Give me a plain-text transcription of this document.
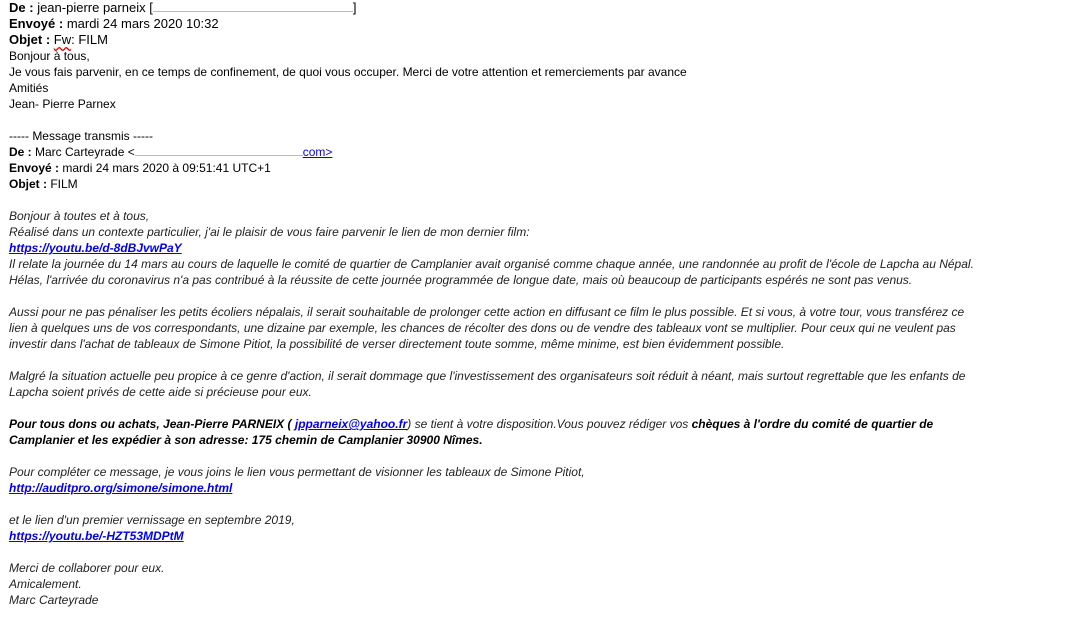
De : jean-pierre parneix [	]
Envoyé : mardi 24 mars 2020 10:32
Objet : Fw: FILM
Bonjour à tous,
Je vous fais parvenir, en ce temps de confinement, de quoi vous occuper. Merci de votre attention et remerciements par avance
Amitiés
Jean- Pierre Parnex
----- Message transmis -----
De : Marc Carteyrade <	com>
Envoyé : mardi 24 mars 2020 à 09:51:41 UTC+1
Objet : FILM
Bonjour à toutes et à tous,
Réalisé dans un contexte particulier, j'ai le plaisir de vous faire parvenir le lien de mon dernier film:
https://youtu.be/d-8dBJvwPaY
Il relate la journée du 14 mars au cours de laquelle le comité de quartier de Camplanier avait organisé comme chaque année, une randonnée au profit de l'école de Lapcha au Népal.
Hélas, l'arrivée du coronavirus n'a pas contribué à la réussite de cette journée programmée de longue date, mais où beaucoup de participants espérés ne sont pas venus.
Aussi pour ne pas pénaliser les petits écoliers népalais, il serait souhaitable de prolonger cette action en diffusant ce film le plus possible. Et si vous, à votre tour, vous transférez ce
lien à quelques uns de vos correspondants, une dizaine par exemple, les chances de récolter des dons ou de vendre des tableaux vont se multiplier. Pour ceux qui ne veulent pas
investir dans l'achat de tableaux de Simone Pitiot, la possibilité de verser directement toute somme, même minime, est bien évidemment possible.
Malgré la situation actuelle peu propice à ce genre d'action, il serait dommage que l'investissement des organisateurs soit réduit à néant, mais surtout regrettable que les enfants de
Lapcha soient privés de cette aide si précieuse pour eux.
Pour tous dons ou achats, Jean-Pierre PARNEIX ( jpparneix@yahoo.fr) se tient à votre disposition.Vous pouvez rédiger vos chèques à l'ordre du comité de quartier de
Camplanier et les expédier à son adresse: 175 chemin de Camplanier 30900 Nîmes.
Pour compléter ce message, je vous joins le lien vous permettant de visionner les tableaux de Simone Pitiot,
http://auditpro.org/simone/simone.html
et le lien d'un premier vernissage en septembre 2019,
https://youtu.be/-HZT53MDPtM
Merci de collaborer pour eux.
Amicalement.
Marc Carteyrade
